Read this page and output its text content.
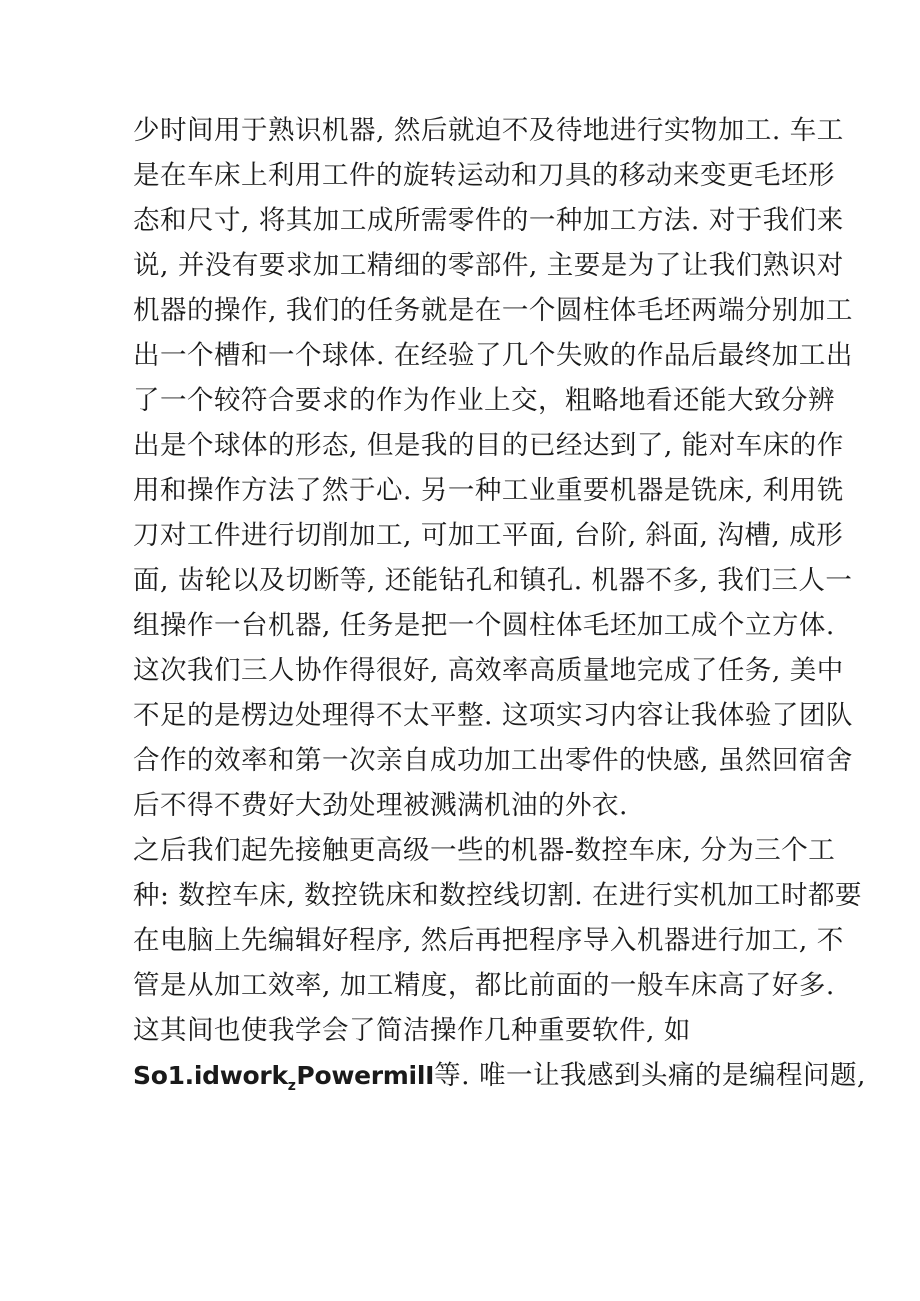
少时间用于熟识机器, 然后就迫不及待地进行实物加工. 车工
是在车床上利用工件的旋转运动和刀具的移动来变更毛坯形
态和尺寸, 将其加工成所需零件的一种加工方法. 对于我们来
说, 并没有要求加工精细的零部件, 主要是为了让我们熟识对
机器的操作, 我们的任务就是在一个圆柱体毛坯两端分别加工
出一个槽和一个球体. 在经验了几个失败的作品后最终加工出
了一个较符合要求的作为作业上交，粗略地看还能大致分辨
出是个球体的形态, 但是我的目的已经达到了, 能对车床的作
用和操作方法了然于心. 另一种工业重要机器是铣床, 利用铣
刀对工件进行切削加工, 可加工平面, 台阶, 斜面, 沟槽, 成形
面, 齿轮以及切断等, 还能钻孔和镇孔. 机器不多, 我们三人一
组操作一台机器, 任务是把一个圆柱体毛坯加工成个立方体.
这次我们三人协作得很好, 高效率高质量地完成了任务, 美中
不足的是楞边处理得不太平整. 这项实习内容让我体验了团队
合作的效率和第一次亲自成功加工出零件的快感, 虽然回宿舍
后不得不费好大劲处理被溅满机油的外衣.
之后我们起先接触更高级一些的机器-数控车床, 分为三个工
种: 数控车床, 数控铣床和数控线切割. 在进行实机加工时都要
在电脑上先编辑好程序, 然后再把程序导入机器进行加工, 不
管是从加工效率, 加工精度，都比前面的一般车床高了好多.
这其间也使我学会了简洁操作几种重要软件, 如
So1.idwork$_z$PowermilI等. 唯一让我感到头痛的是编程问题,
